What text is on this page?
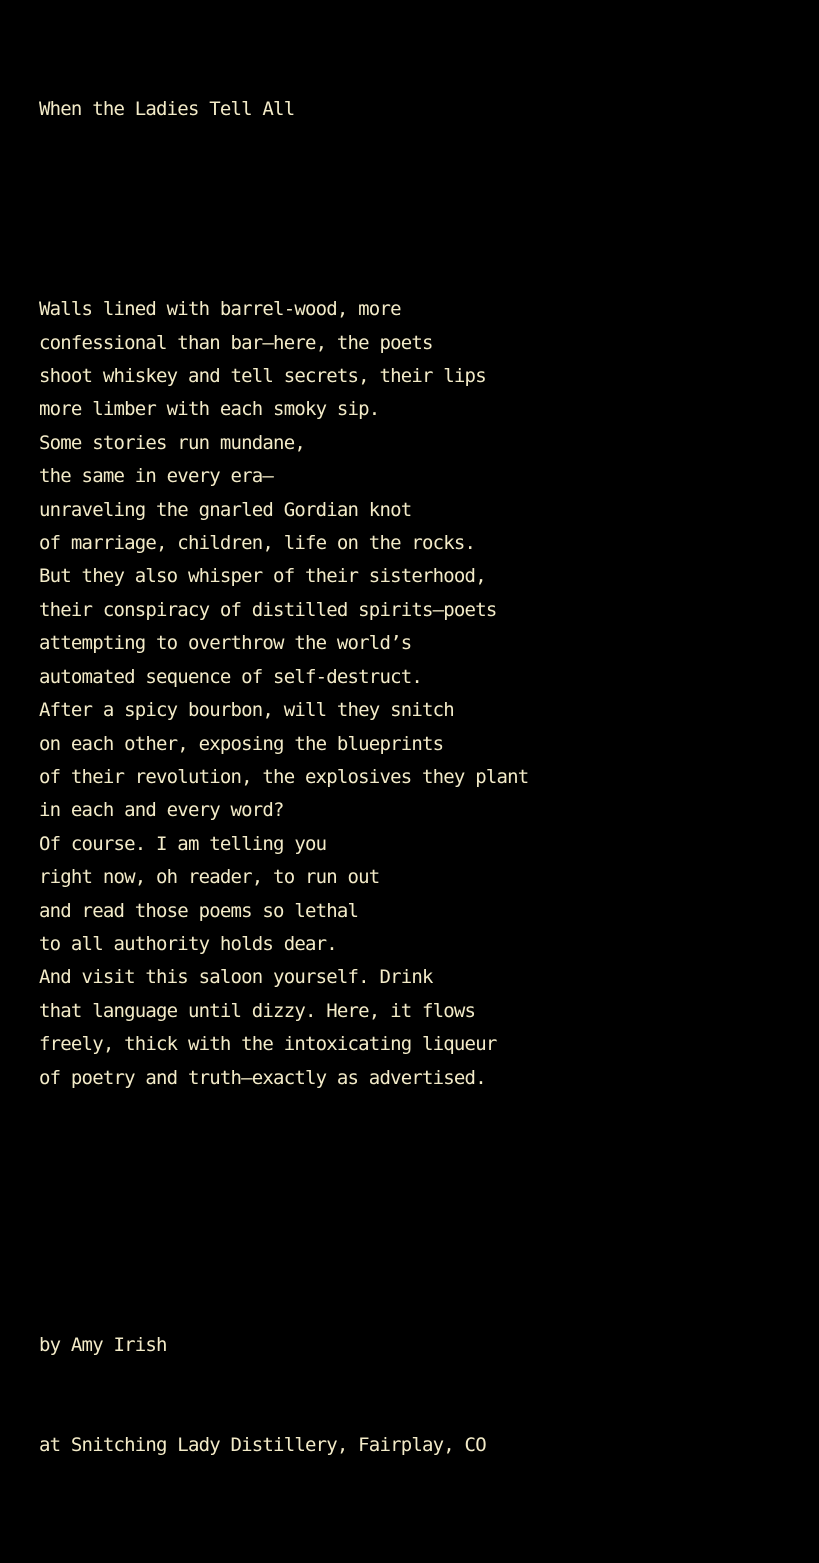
When the Ladies Tell All

Walls lined with barrel-wood, more
confessional than bar—here, the poets
shoot whiskey and tell secrets, their lips
more limber with each smoky sip.
Some stories run mundane,
the same in every era—
unraveling the gnarled Gordian knot
of marriage, children, life on the rocks.
But they also whisper of their sisterhood,
their conspiracy of distilled spirits—poets
attempting to overthrow the world’s
automated sequence of self-destruct.
After a spicy bourbon, will they snitch
on each other, exposing the blueprints
of their revolution, the explosives they plant
in each and every word?
Of course. I am telling you
right now, oh reader, to run out
and read those poems so lethal
to all authority holds dear.
And visit this saloon yourself. Drink
that language until dizzy. Here, it flows
freely, thick with the intoxicating liqueur
of poetry and truth—exactly as advertised.

by Amy Irish

at Snitching Lady Distillery, Fairplay, CO
